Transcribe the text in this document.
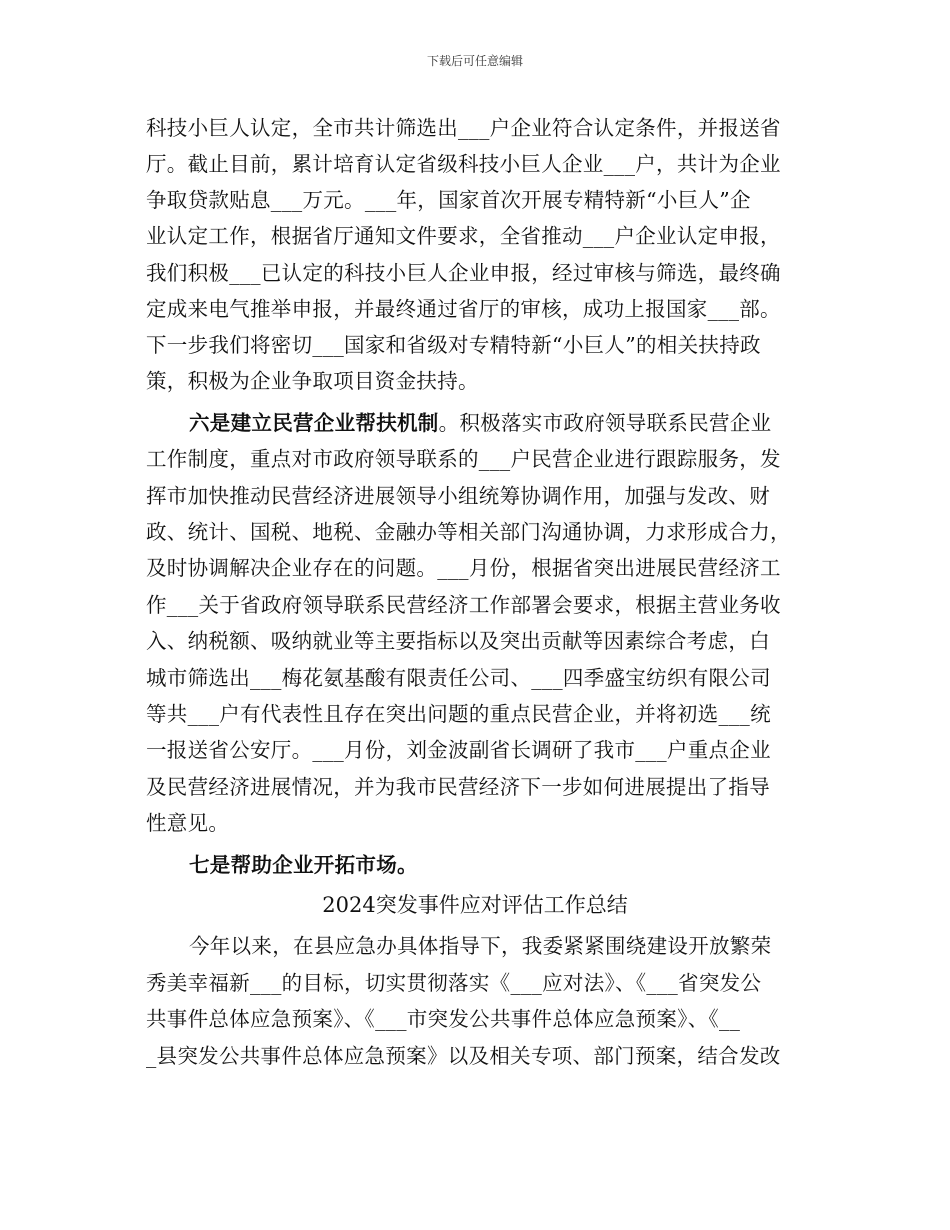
下载后可任意编辑
科技小巨人认定，全市共计筛选出___户企业符合认定条件，并报送省
厅。截止目前，累计培育认定省级科技小巨人企业___户，共计为企业
争取贷款贴息___万元。___年，国家首次开展专精特新“小巨人”企
业认定工作，根据省厅通知文件要求，全省推动___户企业认定申报，
我们积极___已认定的科技小巨人企业申报，经过审核与筛选，最终确
定成来电气推举申报，并最终通过省厅的审核，成功上报国家___部。
下一步我们将密切___国家和省级对专精特新“小巨人”的相关扶持政
策，积极为企业争取项目资金扶持。
六是建立民营企业帮扶机制。积极落实市政府领导联系民营企业
工作制度，重点对市政府领导联系的___户民营企业进行跟踪服务，发
挥市加快推动民营经济进展领导小组统筹协调作用，加强与发改、财
政、统计、国税、地税、金融办等相关部门沟通协调，力求形成合力，
及时协调解决企业存在的问题。___月份，根据省突出进展民营经济工
作___关于省政府领导联系民营经济工作部署会要求，根据主营业务收
入、纳税额、吸纳就业等主要指标以及突出贡献等因素综合考虑，白
城市筛选出___梅花氨基酸有限责任公司、___四季盛宝纺织有限公司
等共___户有代表性且存在突出问题的重点民营企业，并将初选___统
一报送省公安厅。___月份，刘金波副省长调研了我市___户重点企业
及民营经济进展情况，并为我市民营经济下一步如何进展提出了指导
性意见。
七是帮助企业开拓市场。
2024突发事件应对评估工作总结
今年以来，在县应急办具体指导下，我委紧紧围绕建设开放繁荣
秀美幸福新___的目标，切实贯彻落实《___应对法》、《___省突发公
共事件总体应急预案》、《___市突发公共事件总体应急预案》、《__
_县突发公共事件总体应急预案》以及相关专项、部门预案，结合发改
